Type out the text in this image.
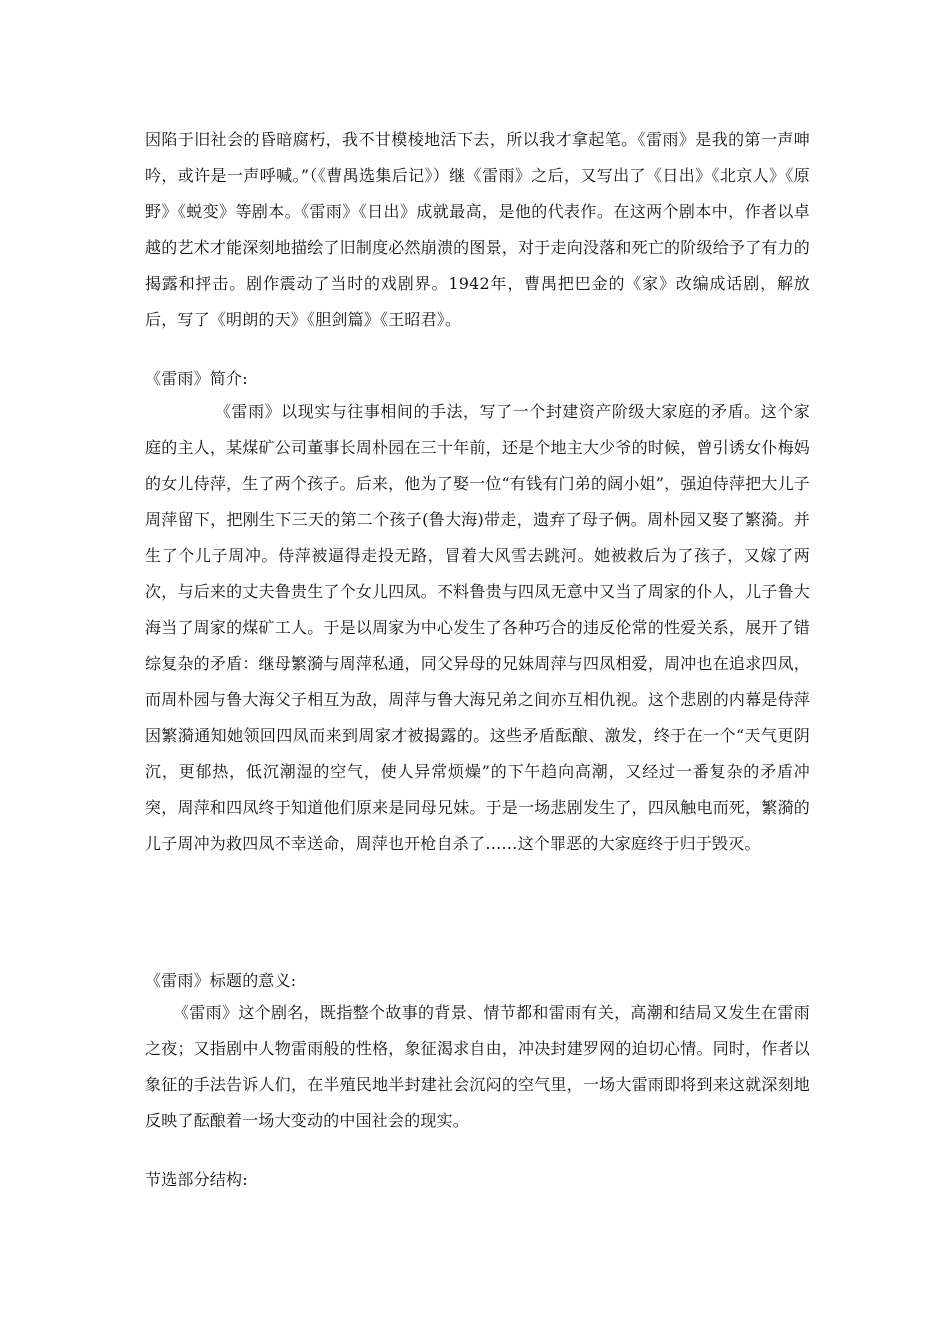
因陷于旧社会的昏暗腐朽，我不甘模棱地活下去，所以我才拿起笔。《雷雨》是我的第一声呻吟，或许是一声呼喊。”（《曹禺选集后记》）继《雷雨》之后，又写出了《日出》《北京人》《原野》《蜕变》等剧本。《雷雨》《日出》成就最高，是他的代表作。在这两个剧本中，作者以卓越的艺术才能深刻地描绘了旧制度必然崩溃的图景，对于走向没落和死亡的阶级给予了有力的揭露和抨击。剧作震动了当时的戏剧界。1942年，曹禺把巴金的《家》改编成话剧，解放后，写了《明朗的天》《胆剑篇》《王昭君》。

《雷雨》简介:

《雷雨》以现实与往事相间的手法，写了一个封建资产阶级大家庭的矛盾。这个家庭的主人，某煤矿公司董事长周朴园在三十年前，还是个地主大少爷的时候，曾引诱女仆梅妈的女儿侍萍，生了两个孩子。后来，他为了娶一位“有钱有门弟的阔小姐”，强迫侍萍把大儿子周萍留下，把刚生下三天的第二个孩子(鲁大海)带走，遗弃了母子俩。周朴园又娶了繁漪。并生了个儿子周冲。侍萍被逼得走投无路，冒着大风雪去跳河。她被救后为了孩子，又嫁了两次，与后来的丈夫鲁贵生了个女儿四凤。不料鲁贵与四凤无意中又当了周家的仆人，儿子鲁大海当了周家的煤矿工人。于是以周家为中心发生了各种巧合的违反伦常的性爱关系，展开了错综复杂的矛盾：继母繁漪与周萍私通，同父异母的兄妹周萍与四凤相爱，周冲也在追求四凤，而周朴园与鲁大海父子相互为敌，周萍与鲁大海兄弟之间亦互相仇视。这个悲剧的内幕是侍萍因繁漪通知她领回四凤而来到周家才被揭露的。这些矛盾酝酿、激发，终于在一个“天气更阴沉，更郁热，低沉潮湿的空气，使人异常烦燥”的下午趋向高潮，又经过一番复杂的矛盾冲突，周萍和四凤终于知道他们原来是同母兄妹。于是一场悲剧发生了，四凤触电而死，繁漪的儿子周冲为救四凤不幸送命，周萍也开枪自杀了……这个罪恶的大家庭终于归于毁灭。

《雷雨》标题的意义:

《雷雨》这个剧名，既指整个故事的背景、情节都和雷雨有关，高潮和结局又发生在雷雨之夜；又指剧中人物雷雨般的性格，象征渴求自由，冲决封建罗网的迫切心情。同时，作者以象征的手法告诉人们，在半殖民地半封建社会沉闷的空气里，一场大雷雨即将到来这就深刻地反映了酝酿着一场大变动的中国社会的现实。

节选部分结构:
